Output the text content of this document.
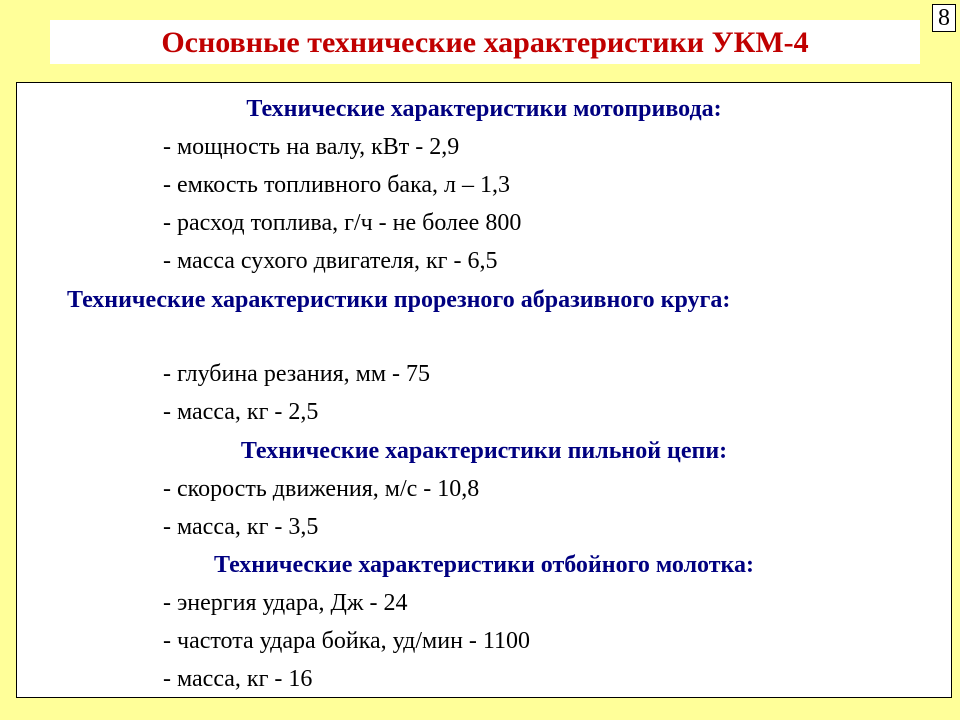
8
Основные технические характеристики УКМ-4
Технические характеристики мотопривода:
- мощность на валу, кВт - 2,9
- емкость топливного бака, л – 1,3
- расход топлива, г/ч - не более 800
- масса сухого двигателя, кг - 6,5
Технические характеристики прорезного абразивного круга:
- глубина резания, мм - 75
- масса, кг - 2,5
Технические характеристики пильной цепи:
- скорость движения, м/с - 10,8
- масса, кг - 3,5
Технические характеристики отбойного молотка:
- энергия удара, Дж - 24
- частота удара бойка, уд/мин - 1100
- масса, кг - 16
